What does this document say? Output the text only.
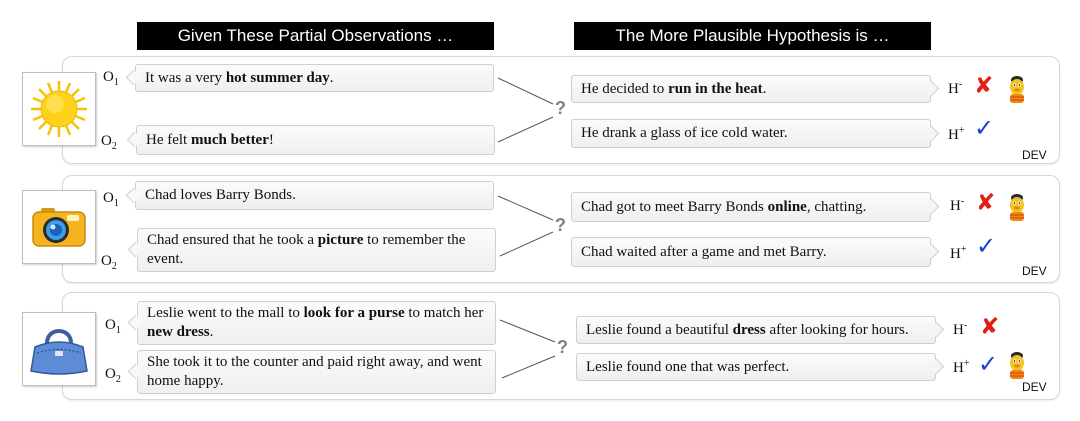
Given These Partial Observations …	The More Plausible Hypothesis is …
$O_1$
$O_2$
It was a very hot summer day.
He felt much better!
He decided to run in the heat.
He drank a glass of ice cold water.
H-
H+
?
✘
✓
DEV
$O_1$
$O_2$
Chad loves Barry Bonds.
Chad ensured that he took a picture to remember the event.
Chad got to meet Barry Bonds online, chatting.
Chad waited after a game and met Barry.
H-
H+
?
✘
✓
DEV
$O_1$
$O_2$
Leslie went to the mall to look for a purse to match her new dress.
She took it to the counter and paid right away, and went home happy.
Leslie found a beautiful dress after looking for hours.
Leslie found one that was perfect.
H-
H+
?
✘
✓
DEV
